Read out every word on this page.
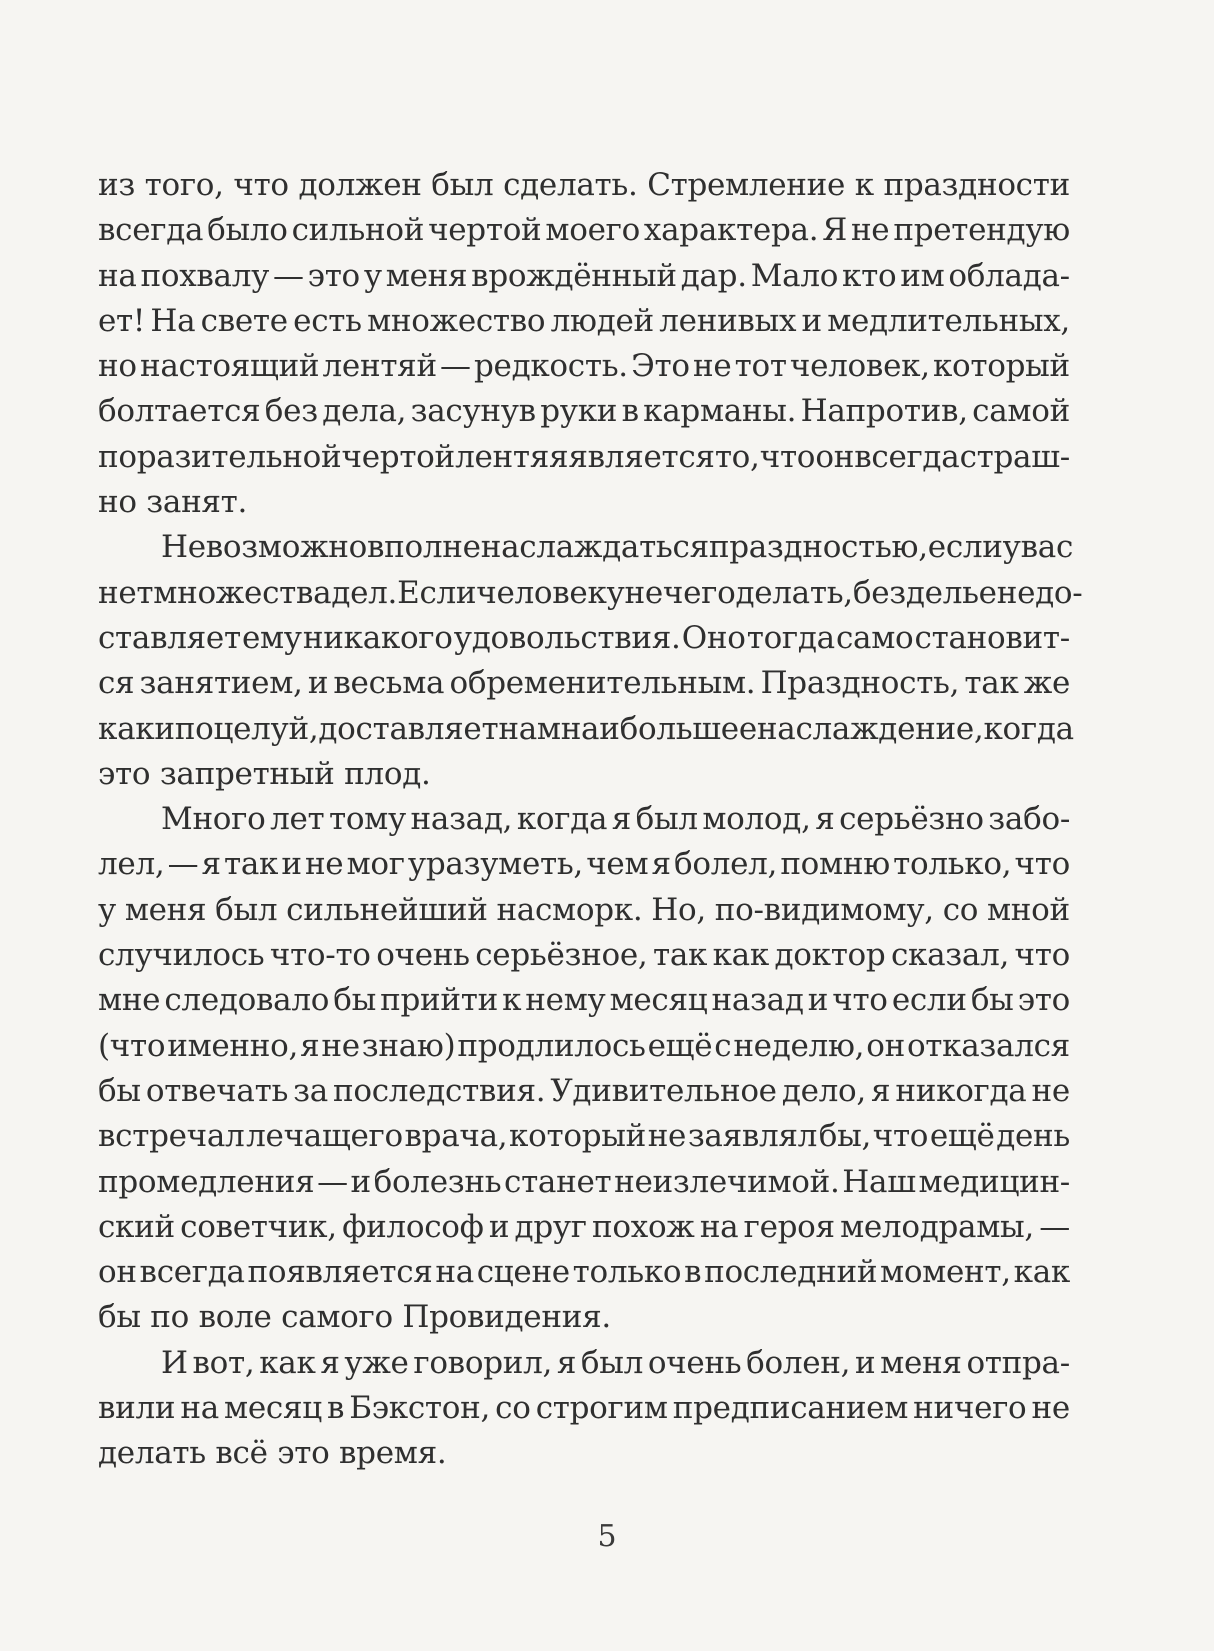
из того, что должен был сделать. Стремление к праздности
всегда было сильной чертой моего характера. Я не претендую
на похвалу — это у меня врождённый дар. Мало кто им облада-
ет! На свете есть множество людей ленивых и медлительных,
но настоящий лентяй — редкость. Это не тот человек, который
болтается без дела, засунув руки в карманы. Напротив, самой
поразительной чертой лентяя является то, что он всегда страш-
но занят.
Невозможно вполне наслаждаться праздностью, если у вас
нет множества дел. Если человеку нечего делать, безделье не до-
ставляет ему никакого удовольствия. Оно тогда само становит-
ся занятием, и весьма обременительным. Праздность, так же
как и поцелуй, доставляет нам наибольшее наслаждение, когда
это запретный плод.
Много лет тому назад, когда я был молод, я серьёзно забо-
лел, — я так и не мог уразуметь, чем я болел, помню только, что
у меня был сильнейший насморк. Но, по-видимому, со мной
случилось что-то очень серьёзное, так как доктор сказал, что
мне следовало бы прийти к нему месяц назад и что если бы это
(что именно, я не знаю) продлилось ещё с неделю, он отказался
бы отвечать за последствия. Удивительное дело, я никогда не
встречал лечащего врача, который не заявлял бы, что ещё день
промедления — и болезнь станет неизлечимой. Наш медицин-
ский советчик, философ и друг похож на героя мелодрамы, —
он всегда появляется на сцене только в последний момент, как
бы по воле самого Провидения.
И вот, как я уже говорил, я был очень болен, и меня отпра-
вили на месяц в Бэкстон, со строгим предписанием ничего не
делать всё это время.
5
